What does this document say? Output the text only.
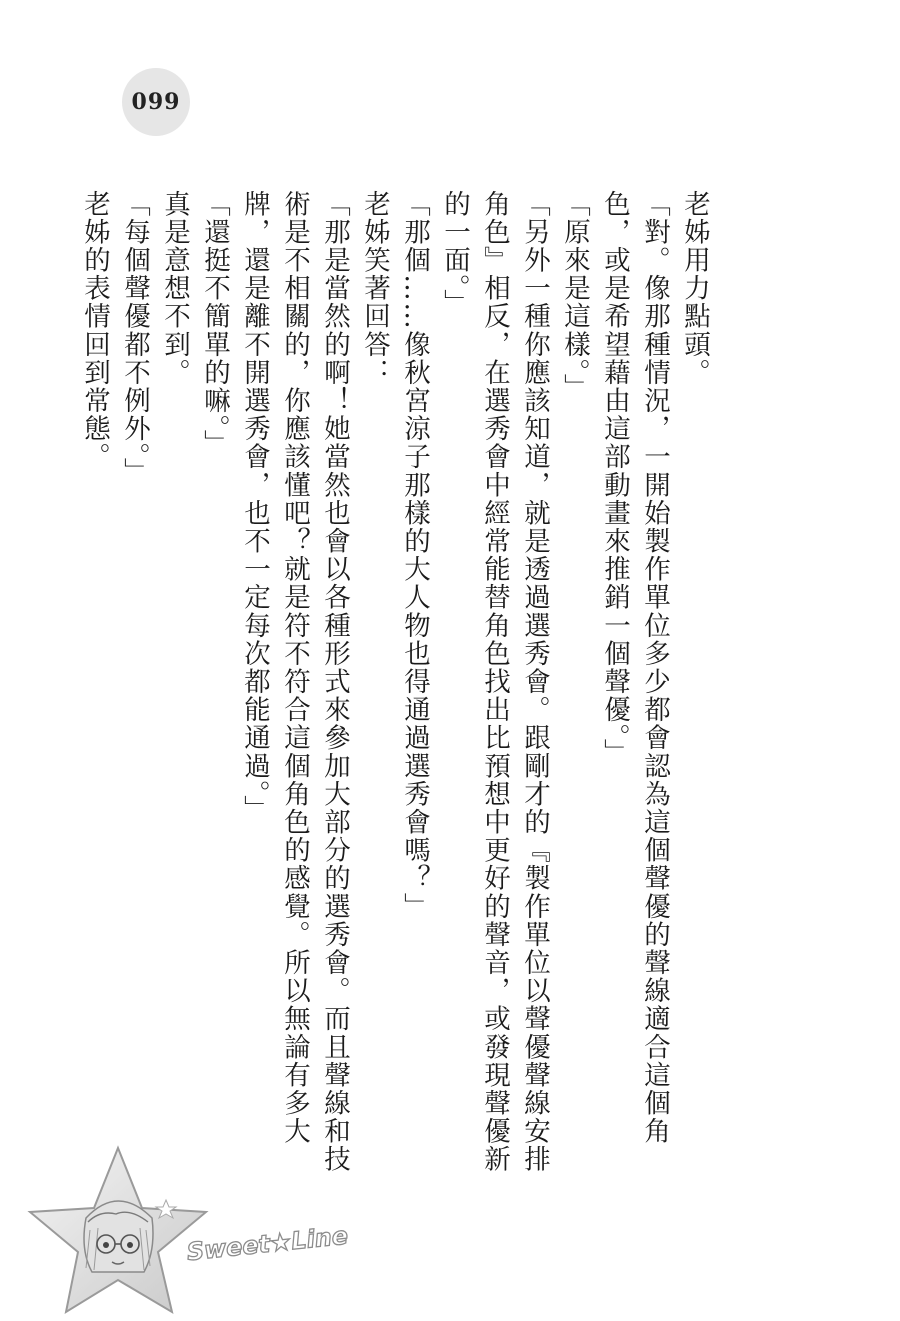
099

老姊用力點頭。

「對。像那種情況，一開始製作單位多少都會認為這個聲優的聲線適合這個角色，或是希望藉由這部動畫來推銷一個聲優。」

「原來是這樣。」

「另外一種你應該知道，就是透過選秀會。跟剛才的『製作單位以聲優聲線安排角色』相反，在選秀會中經常能替角色找出比預想中更好的聲音，或發現聲優新的一面。」

「那個……像秋宮涼子那樣的大人物也得通過選秀會嗎？」

老姊笑著回答：

「那是當然的啊！她當然也會以各種形式來參加大部分的選秀會。而且聲線和技術是不相關的，你應該懂吧？就是符不符合這個角色的感覺。所以無論有多大牌，還是離不開選秀會，也不一定每次都能通過。」

「還挺不簡單的嘛。」

真是意想不到。

「每個聲優都不例外。」

老姊的表情回到常態。

Sweet★Line
